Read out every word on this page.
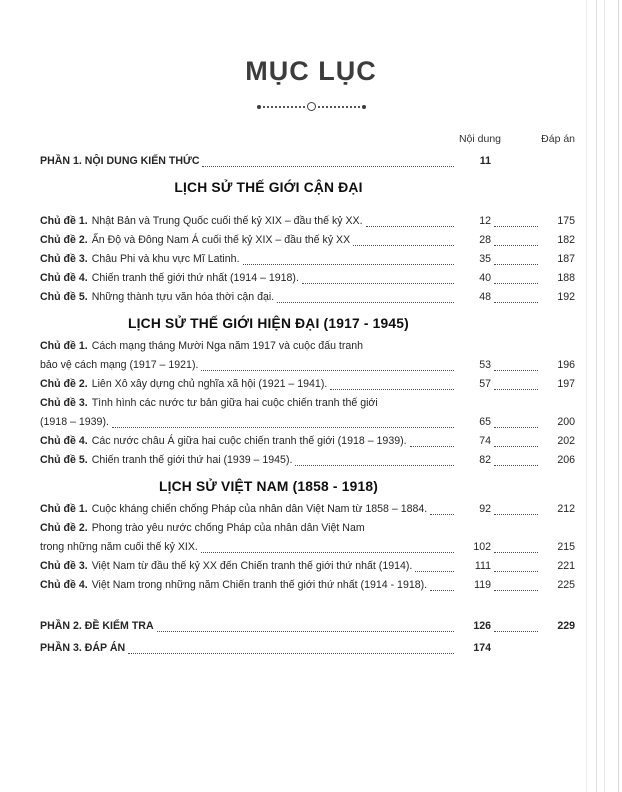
MỤC LỤC
Nội dung	Đáp án
PHẦN 1. NỘI DUNG KIẾN THỨC	11
LỊCH SỬ THẾ GIỚI CẬN ĐẠI
Chủ đề 1. Nhật Bản và Trung Quốc cuối thế kỷ XIX – đầu thế kỷ XX.	12	175
Chủ đề 2. Ấn Độ và Đông Nam Á cuối thế kỷ XIX – đầu thế kỷ XX	28	182
Chủ đề 3. Châu Phi và khu vực Mĩ Latinh.	35	187
Chủ đề 4. Chiến tranh thế giới thứ nhất (1914 – 1918).	40	188
Chủ đề 5. Những thành tựu văn hóa thời cận đại.	48	192
LỊCH SỬ THẾ GIỚI HIỆN ĐẠI (1917 - 1945)
Chủ đề 1. Cách mạng tháng Mười Nga năm 1917 và cuộc đấu tranh
bảo vệ cách mạng (1917 – 1921).	53	196
Chủ đề 2. Liên Xô xây dựng chủ nghĩa xã hội (1921 – 1941).	57	197
Chủ đề 3. Tình hình các nước tư bản giữa hai cuộc chiến tranh thế giới
(1918 – 1939).	65	200
Chủ đề 4. Các nước châu Á giữa hai cuộc chiến tranh thế giới (1918 – 1939).	74	202
Chủ đề 5. Chiến tranh thế giới thứ hai (1939 – 1945).	82	206
LỊCH SỬ VIỆT NAM (1858 - 1918)
Chủ đề 1. Cuộc kháng chiến chống Pháp của nhân dân Việt Nam từ 1858 – 1884.	92	212
Chủ đề 2. Phong trào yêu nước chống Pháp của nhân dân Việt Nam
trong những năm cuối thế kỷ XIX.	102	215
Chủ đề 3. Việt Nam từ đầu thế kỷ XX đến Chiến tranh thế giới thứ nhất (1914).	111	221
Chủ đề 4. Việt Nam trong những năm Chiến tranh thế giới thứ nhất (1914 - 1918).	119	225
PHẦN 2. ĐỀ KIỂM TRA	126	229
PHẦN 3. ĐÁP ÁN	174
